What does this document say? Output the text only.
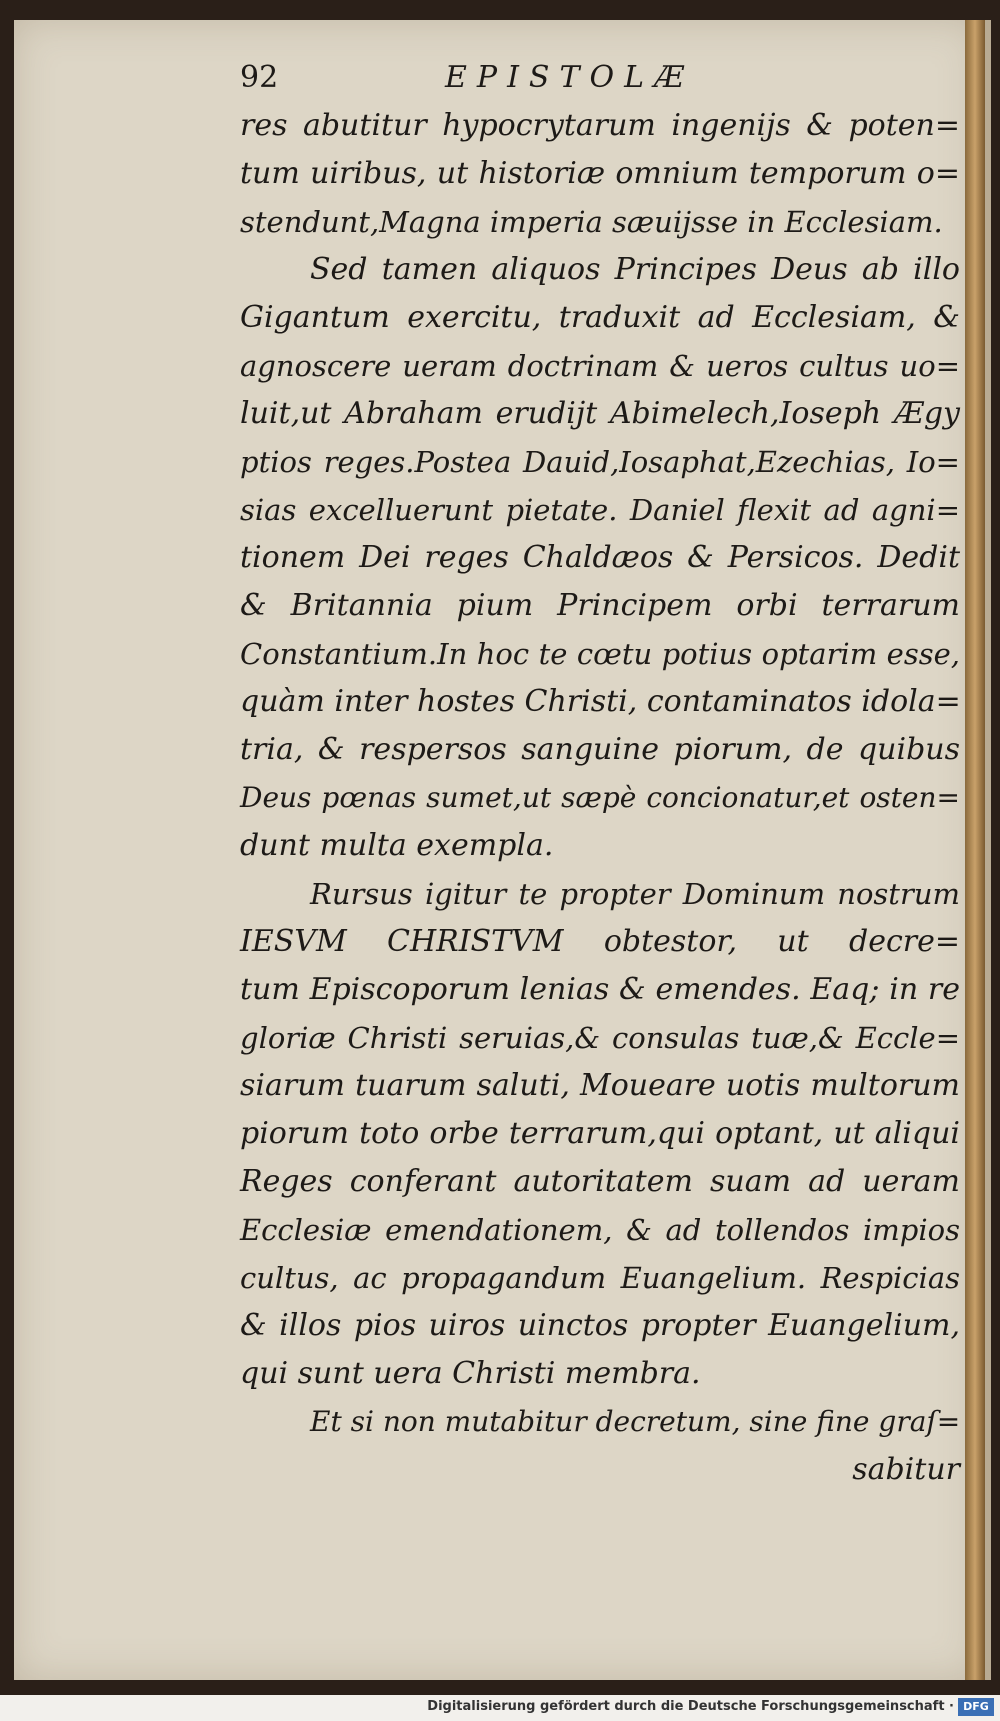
92	EPISTOLÆ
res abutitur hypocrytarum ingenijs & poten=
tum uiribus, ut historiæ omnium temporum o=
stendunt,Magna imperia sæuijsse in Ecclesiam.
Sed tamen aliquos Principes Deus ab illo
Gigantum exercitu, traduxit ad Ecclesiam, &
agnoscere ueram doctrinam & ueros cultus uo=
luit,ut Abraham erudijt Abimelech,Ioseph Ægy
ptios reges.Postea Dauid,Iosaphat,Ezechias, Io=
sias excelluerunt pietate. Daniel flexit ad agni=
tionem Dei reges Chaldæos & Persicos. Dedit
& Britannia pium Principem orbi terrarum
Constantium.In hoc te cœtu potius optarim esse,
quàm inter hostes Christi, contaminatos idola=
tria, & respersos sanguine piorum, de quibus
Deus pœnas sumet,ut sæpè concionatur,et osten=
dunt multa exempla.
Rursus igitur te propter Dominum nostrum
IESVM CHRISTVM obtestor, ut decre=
tum Episcoporum lenias & emendes. Eaq; in re
gloriæ Christi seruias,& consulas tuæ,& Eccle=
siarum tuarum saluti, Moueare uotis multorum
piorum toto orbe terrarum,qui optant, ut aliqui
Reges conferant autoritatem suam ad ueram
Ecclesiæ emendationem, & ad tollendos impios
cultus, ac propagandum Euangelium. Respicias
& illos pios uiros uinctos propter Euangelium,
qui sunt uera Christi membra.
Et si non mutabitur decretum, sine fine graſ=
sabitur
Digitalisierung gefördert durch die Deutsche Forschungsgemeinschaft · DFG
